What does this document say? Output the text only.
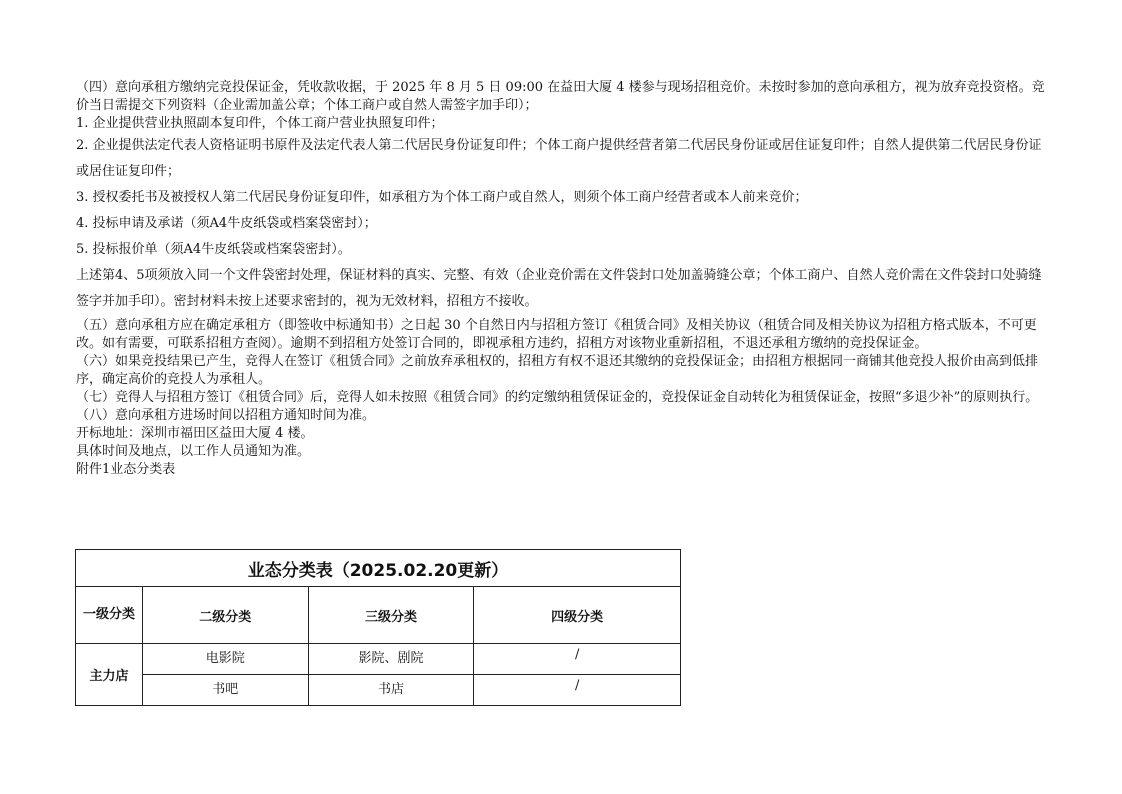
（四）意向承租方缴纳完竞投保证金，凭收款收据，于 2025 年 8 月 5 日 09:00 在益田大厦 4 楼参与现场招租竞价。未按时参加的意向承租方，视为放弃竞投资格。竞价当日需提交下列资料（企业需加盖公章；个体工商户或自然人需签字加手印）；

1. 企业提供营业执照副本复印件，个体工商户营业执照复印件；

2. 企业提供法定代表人资格证明书原件及法定代表人第二代居民身份证复印件；个体工商户提供经营者第二代居民身份证或居住证复印件；自然人提供第二代居民身份证或居住证复印件；

3. 授权委托书及被授权人第二代居民身份证复印件，如承租方为个体工商户或自然人，则须个体工商户经营者或本人前来竞价；

4. 投标申请及承诺（须A4牛皮纸袋或档案袋密封）；

5. 投标报价单（须A4牛皮纸袋或档案袋密封）。

上述第4、5项须放入同一个文件袋密封处理，保证材料的真实、完整、有效（企业竞价需在文件袋封口处加盖骑缝公章；个体工商户、自然人竞价需在文件袋封口处骑缝签字并加手印）。密封材料未按上述要求密封的，视为无效材料，招租方不接收。

（五）意向承租方应在确定承租方（即签收中标通知书）之日起 30 个自然日内与招租方签订《租赁合同》及相关协议（租赁合同及相关协议为招租方格式版本，不可更改。如有需要，可联系招租方查阅）。逾期不到招租方处签订合同的，即视承租方违约，招租方对该物业重新招租，不退还承租方缴纳的竞投保证金。

（六）如果竞投结果已产生，竞得人在签订《租赁合同》之前放弃承租权的，招租方有权不退还其缴纳的竞投保证金；由招租方根据同一商铺其他竞投人报价由高到低排序，确定高价的竞投人为承租人。

（七）竞得人与招租方签订《租赁合同》后，竞得人如未按照《租赁合同》的约定缴纳租赁保证金的，竞投保证金自动转化为租赁保证金，按照“多退少补”的原则执行。

（八）意向承租方进场时间以招租方通知时间为准。

开标地址：深圳市福田区益田大厦 4 楼。

具体时间及地点，以工作人员通知为准。

附件1业态分类表

业态分类表（2025.02.20更新）			
一级分类	二级分类	三级分类	四级分类
主力店	电影院	影院、剧院	/
	书吧	书店	/
